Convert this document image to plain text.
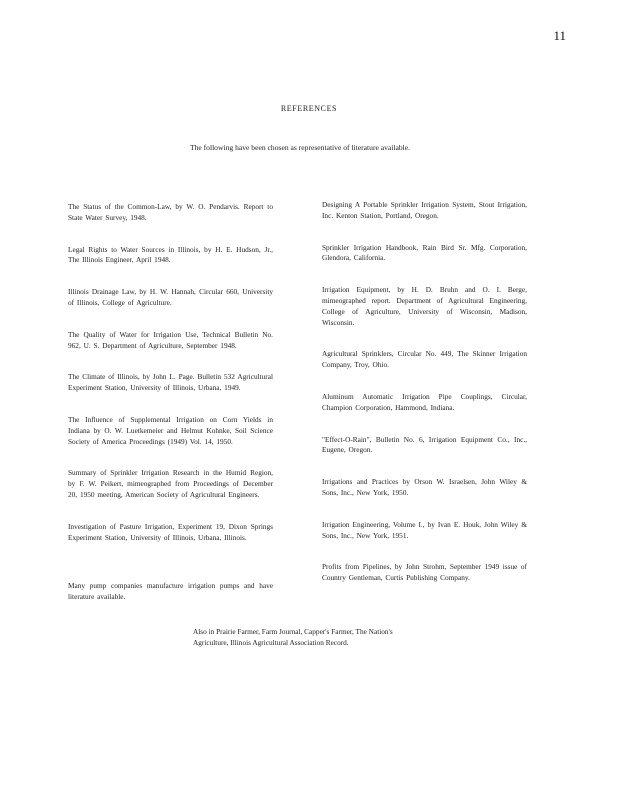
11
REFERENCES
The following have been chosen as representative of literature available.

The Status of the Common-Law, by W. O. Pendarvis. Report to State Water Survey, 1948.

Legal Rights to Water Sources in Illinois, by H. E. Hudson, Jr., The Illinois Engineer, April 1948.

Illinois Drainage Law, by H. W. Hannah, Circular 660, University of Illinois, College of Agriculture.

The Quality of Water for Irrigation Use, Technical Bulletin No. 962, U. S. Department of Agriculture, September 1948.

The Climate of Illinois, by John L. Page. Bulletin 532 Agricultural Experiment Station, University of Illinois, Urbana, 1949.

The Influence of Supplemental Irrigation on Corn Yields in Indiana by O. W. Luetkemeier and Helmut Kohnke, Soil Science Society of America Proceedings (1949) Vol. 14, 1950.

Summary of Sprinkler Irrigation Research in the Humid Region, by F. W. Peikert, mimeographed from Proceedings of December 20, 1950 meeting, American Society of Agricultural Engineers.

Investigation of Pasture Irrigation, Experiment 19, Dixon Springs Experiment Station, University of Illinois, Urbana, Illinois.

Many pump companies manufacture irrigation pumps and have literature available.

Designing A Portable Sprinkler Irrigation System, Stout Irrigation, Inc. Kenton Station, Portland, Oregon.

Sprinkler Irrigation Handbook, Rain Bird Sr. Mfg. Corporation, Glendora, California.

Irrigation Equipment, by H. D. Bruhn and O. I. Berge, mimeographed report. Department of Agricultural Engineering, College of Agriculture, University of Wisconsin, Madison, Wisconsin.

Agricultural Sprinklers, Circular No. 449, The Skinner Irrigation Company, Troy, Ohio.

Aluminum Automatic Irrigation Pipe Couplings, Circular, Champion Corporation, Hammond, Indiana.

"Effect-O-Rain", Bulletin No. 6, Irrigation Equipment Co., Inc., Eugene, Oregon.

Irrigations and Practices by Orson W. Israelsen, John Wiley & Sons, Inc., New York, 1950.

Irrigation Engineering, Volume I., by Ivan E. Houk, John Wiley & Sons, Inc., New York, 1951.

Profits from Pipelines, by John Strohm, September 1949 issue of Country Gentleman, Curtis Publishing Company.

Also in Prairie Farmer, Farm Journal, Capper's Farmer, The Nation's Agriculture, Illinois Agricultural Association Record.
